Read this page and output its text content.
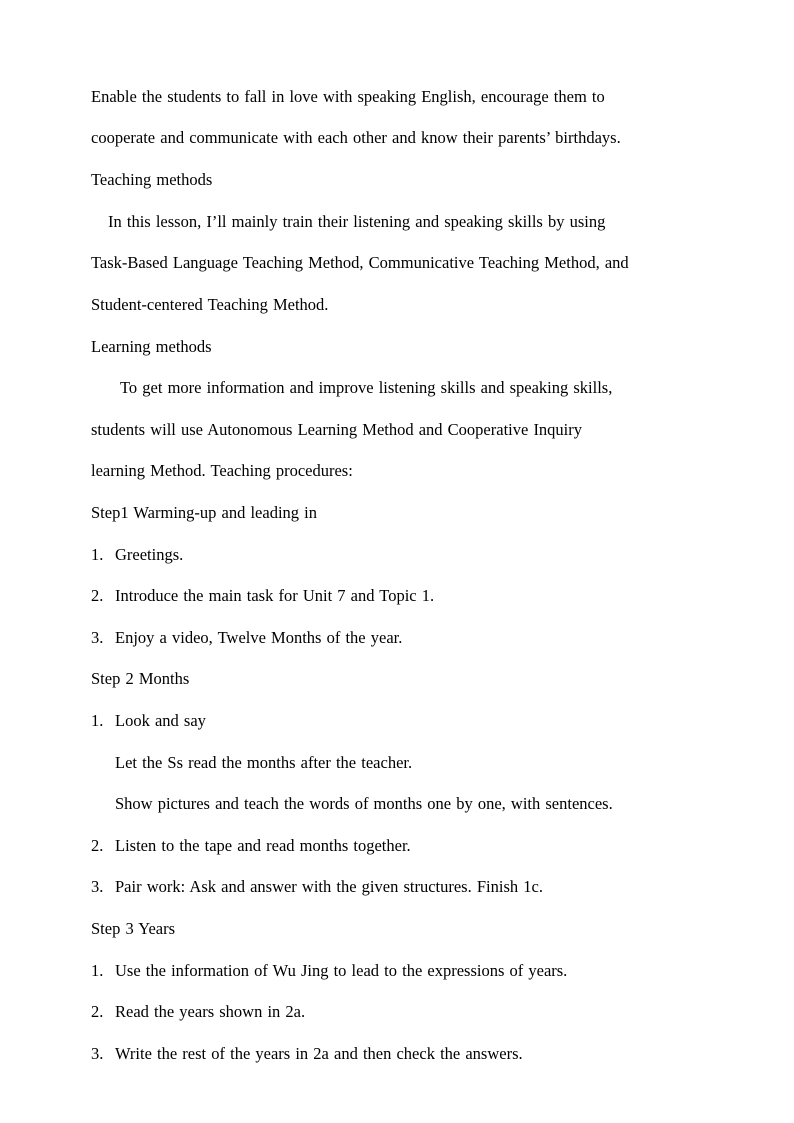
Enable the students to fall in love with speaking English, encourage them to
cooperate and communicate with each other and know their parents’ birthdays.
Teaching methods
In this lesson, I’ll mainly train their listening and speaking skills by using
Task-Based Language Teaching Method, Communicative Teaching Method, and
Student-centered Teaching Method.
Learning methods
To get more information and improve listening skills and speaking skills,
students will use Autonomous Learning Method and Cooperative Inquiry
learning Method. Teaching procedures:
Step1 Warming-up and leading in
1. Greetings.
2. Introduce the main task for Unit 7 and Topic 1.
3. Enjoy a video, Twelve Months of the year.
Step 2 Months
1. Look and say
Let the Ss read the months after the teacher.
Show pictures and teach the words of months one by one, with sentences.
2. Listen to the tape and read months together.
3. Pair work: Ask and answer with the given structures. Finish 1c.
Step 3 Years
1. Use the information of Wu Jing to lead to the expressions of years.
2. Read the years shown in 2a.
3. Write the rest of the years in 2a and then check the answers.
